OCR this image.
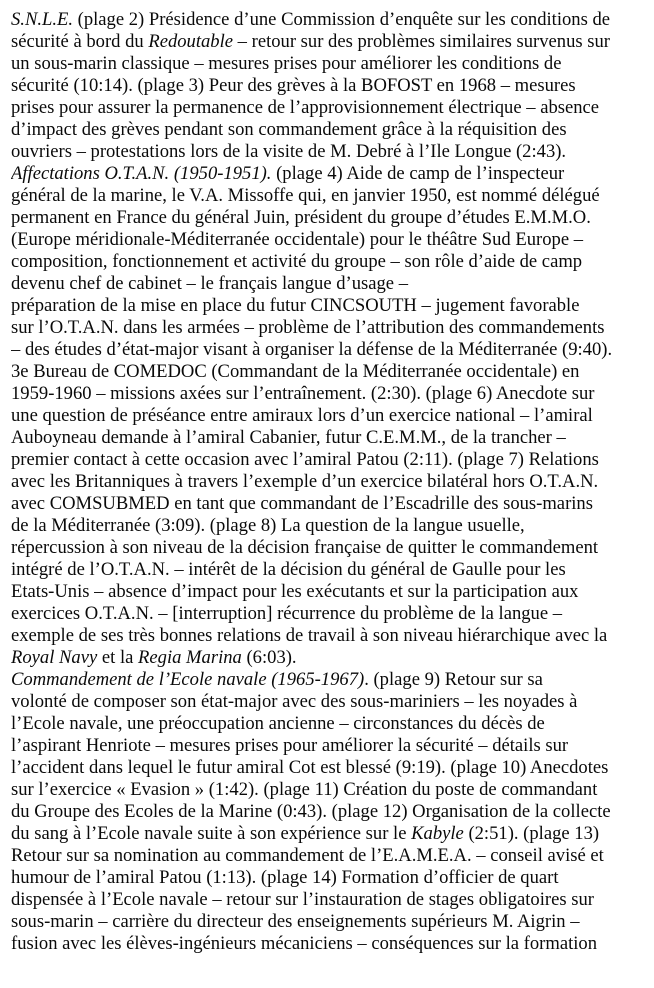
S.N.L.E. (plage 2) Présidence d’une Commission d’enquête sur les conditions de
sécurité à bord du Redoutable – retour sur des problèmes similaires survenus sur
un sous-marin classique – mesures prises pour améliorer les conditions de
sécurité (10:14). (plage 3) Peur des grèves à la BOFOST en 1968 – mesures
prises pour assurer la permanence de l’approvisionnement électrique – absence
d’impact des grèves pendant son commandement grâce à la réquisition des
ouvriers – protestations lors de la visite de M. Debré à l’Ile Longue (2:43).
Affectations O.T.A.N. (1950-1951). (plage 4) Aide de camp de l’inspecteur
général de la marine, le V.A. Missoffe qui, en janvier 1950, est nommé délégué
permanent en France du général Juin, président du groupe d’études E.M.M.O.
(Europe méridionale-Méditerranée occidentale) pour le théâtre Sud Europe –
composition, fonctionnement et activité du groupe – son rôle d’aide de camp
devenu chef de cabinet – le français langue d’usage –
préparation de la mise en place du futur CINCSOUTH – jugement favorable
sur l’O.T.A.N. dans les armées – problème de l’attribution des commandements
– des études d’état-major visant à organiser la défense de la Méditerranée (9:40).
3e Bureau de COMEDOC (Commandant de la Méditerranée occidentale) en
1959-1960 – missions axées sur l’entraînement. (2:30). (plage 6) Anecdote sur
une question de préséance entre amiraux lors d’un exercice national – l’amiral
Auboyneau demande à l’amiral Cabanier, futur C.E.M.M., de la trancher –
premier contact à cette occasion avec l’amiral Patou (2:11). (plage 7) Relations
avec les Britanniques à travers l’exemple d’un exercice bilatéral hors O.T.A.N.
avec COMSUBMED en tant que commandant de l’Escadrille des sous-marins
de la Méditerranée (3:09). (plage 8) La question de la langue usuelle,
répercussion à son niveau de la décision française de quitter le commandement
intégré de l’O.T.A.N. – intérêt de la décision du général de Gaulle pour les
Etats-Unis – absence d’impact pour les exécutants et sur la participation aux
exercices O.T.A.N. – [interruption] récurrence du problème de la langue –
exemple de ses très bonnes relations de travail à son niveau hiérarchique avec la
Royal Navy et la Regia Marina (6:03).
Commandement de l’Ecole navale (1965-1967). (plage 9) Retour sur sa
volonté de composer son état-major avec des sous-mariniers – les noyades à
l’Ecole navale, une préoccupation ancienne – circonstances du décès de
l’aspirant Henriote – mesures prises pour améliorer la sécurité – détails sur
l’accident dans lequel le futur amiral Cot est blessé (9:19). (plage 10) Anecdotes
sur l’exercice « Evasion » (1:42). (plage 11) Création du poste de commandant
du Groupe des Ecoles de la Marine (0:43). (plage 12) Organisation de la collecte
du sang à l’Ecole navale suite à son expérience sur le Kabyle (2:51). (plage 13)
Retour sur sa nomination au commandement de l’E.A.M.E.A. – conseil avisé et
humour de l’amiral Patou (1:13). (plage 14) Formation d’officier de quart
dispensée à l’Ecole navale – retour sur l’instauration de stages obligatoires sur
sous-marin – carrière du directeur des enseignements supérieurs M. Aigrin –
fusion avec les élèves-ingénieurs mécaniciens – conséquences sur la formation
